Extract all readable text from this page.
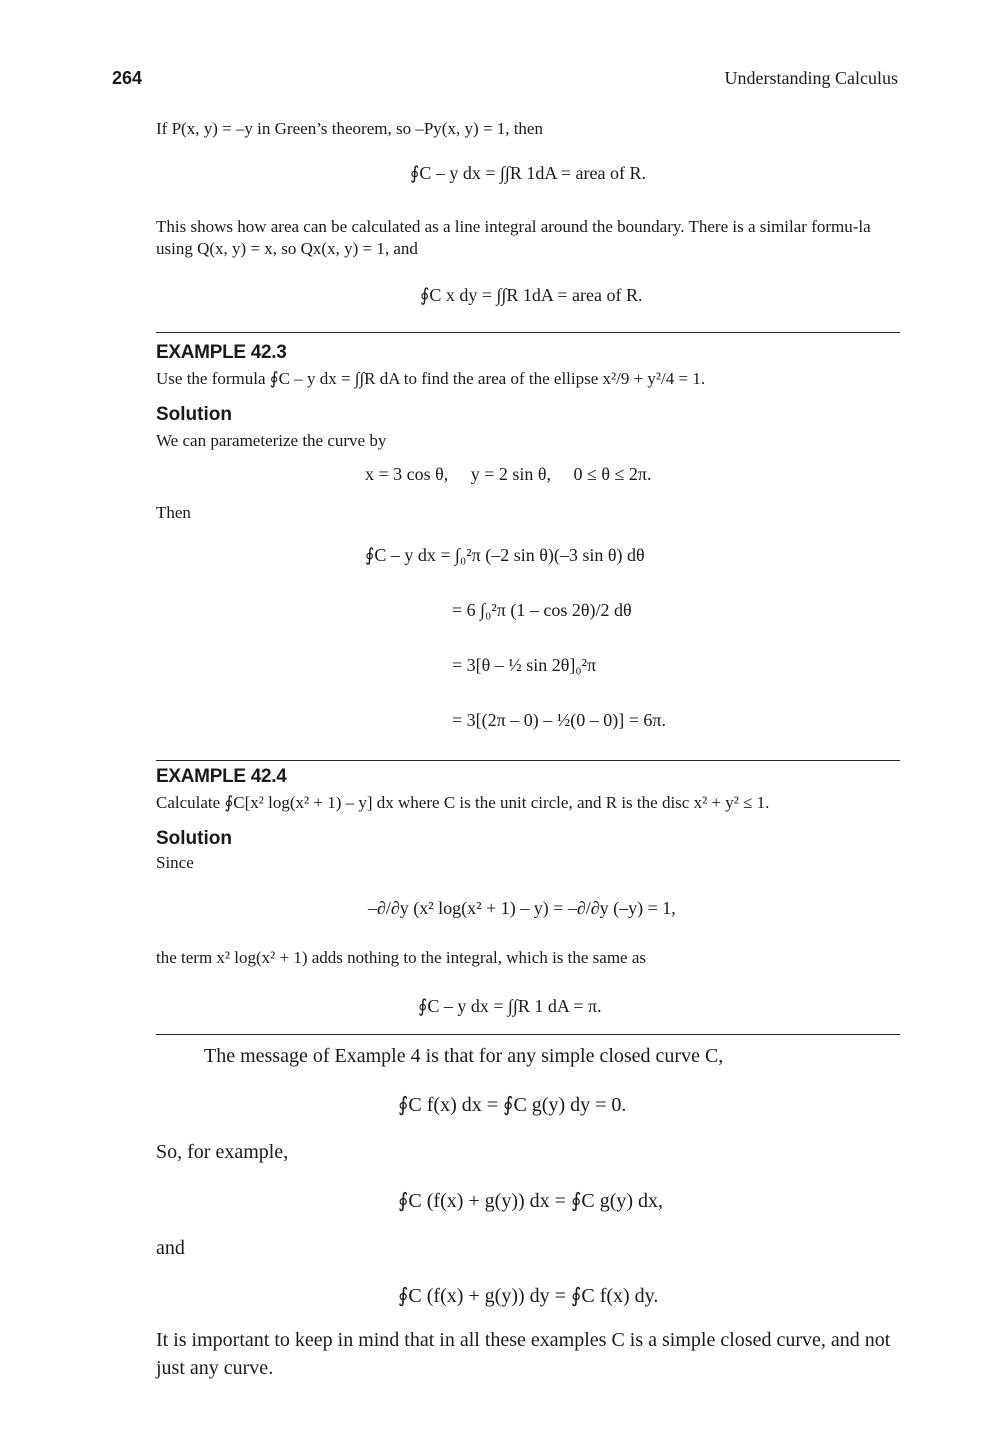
264	Understanding Calculus
If P(x, y) = –y in Green’s theorem, so –Py(x, y) = 1, then
∮C – y dx = ∫∫R 1dA = area of R.
This shows how area can be calculated as a line integral around the boundary. There is a similar formu-la using Q(x, y) = x, so Qx(x, y) = 1, and
∮C x dy = ∫∫R 1dA = area of R.
EXAMPLE 42.3
Use the formula ∮C – y dx = ∫∫R dA to find the area of the ellipse x²/9 + y²/4 = 1.
Solution
We can parameterize the curve by
x = 3 cos θ,     y = 2 sin θ,     0 ≤ θ ≤ 2π.
Then
∮C – y dx = ∫₀²π (–2 sin θ)(–3 sin θ) dθ
= 6 ∫₀²π (1 – cos 2θ)/2 dθ
= 3[θ – ½ sin 2θ]₀²π
= 3[(2π – 0) – ½(0 – 0)] = 6π.
EXAMPLE 42.4
Calculate ∮C[x² log(x² + 1) – y] dx where C is the unit circle, and R is the disc x² + y² ≤ 1.
Solution
Since
–∂/∂y (x² log(x² + 1) – y) = –∂/∂y (–y) = 1,
the term x² log(x² + 1) adds nothing to the integral, which is the same as
∮C – y dx = ∫∫R 1 dA = π.
The message of Example 4 is that for any simple closed curve C,
∮C f(x) dx = ∮C g(y) dy = 0.
So, for example,
∮C (f(x) + g(y)) dx = ∮C g(y) dx,
and
∮C (f(x) + g(y)) dy = ∮C f(x) dy.
It is important to keep in mind that in all these examples C is a simple closed curve, and not just any curve.
